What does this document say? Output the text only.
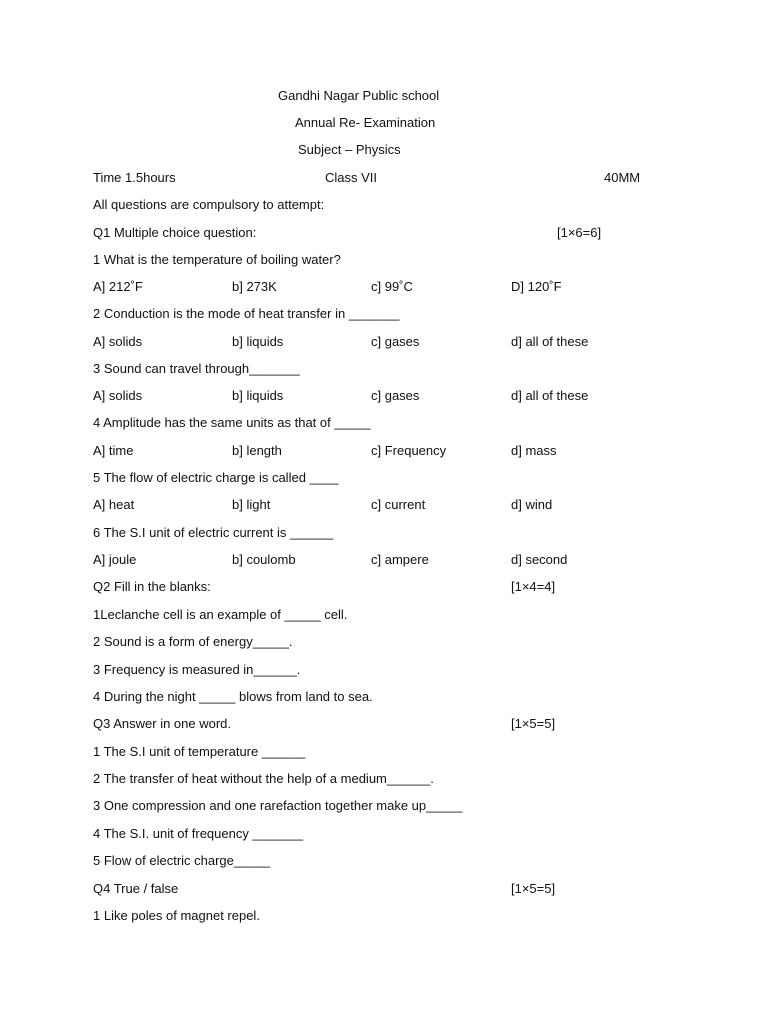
Gandhi Nagar Public school
Annual Re- Examination
Subject – Physics
Time 1.5hours	Class VII	40MM
All questions are compulsory to attempt:
Q1 Multiple choice question:	[1×6=6]
1 What is the temperature of boiling water?
A] 212˚F	b] 273K	c] 99˚C	D] 120˚F
2 Conduction is the mode of heat transfer in _______
A] solids	b] liquids	c] gases	d] all of these
3 Sound can travel through_______
A] solids	b] liquids	c] gases	d] all of these
4 Amplitude has the same units as that of _____
A] time	b] length	c] Frequency	d] mass
5 The flow of electric charge is called ____
A] heat	b] light	c] current	d] wind
6 The S.I unit of electric current is ______
A] joule	b] coulomb	c] ampere	d] second
Q2 Fill in the blanks:	[1×4=4]
1Leclanche cell is an example of _____ cell.
2 Sound is a form of energy_____.
3 Frequency is measured in______.
4 During the night _____ blows from land to sea.
Q3 Answer in one word.	[1×5=5]
1 The S.I unit of temperature ______
2 The transfer of heat without the help of a medium______.
3 One compression and one rarefaction together make up_____
4 The S.I. unit of frequency _______
5 Flow of electric charge_____
Q4 True / false	[1×5=5]
1 Like poles of magnet repel.
